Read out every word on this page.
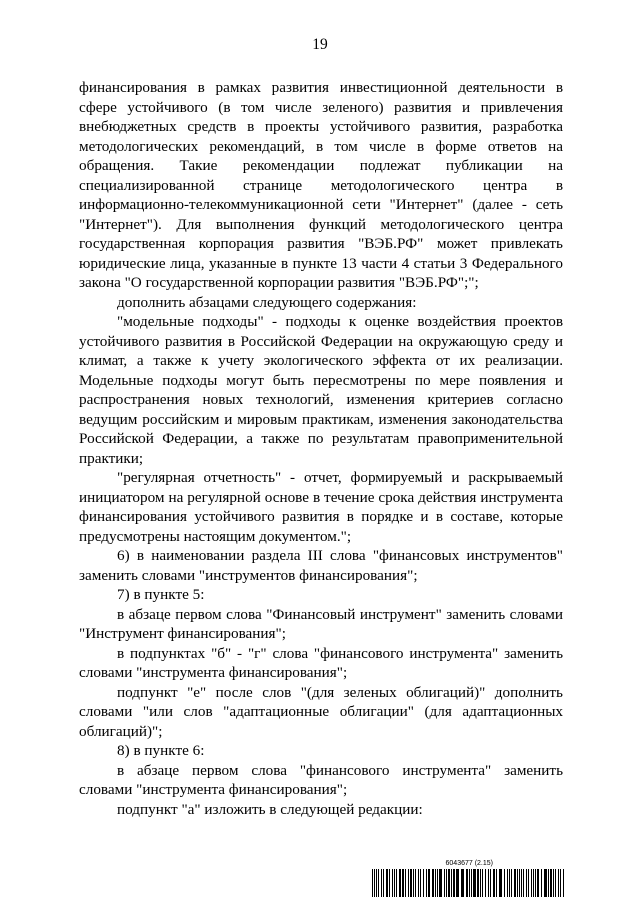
19

финансирования в рамках развития инвестиционной деятельности в сфере устойчивого (в том числе зеленого) развития и привлечения внебюджетных средств в проекты устойчивого развития, разработка методологических рекомендаций, в том числе в форме ответов на обращения. Такие рекомендации подлежат публикации на специализированной странице методологического центра в информационно-телекоммуникационной сети "Интернет" (далее - сеть "Интернет"). Для выполнения функций методологического центра государственная корпорация развития "ВЭБ.РФ" может привлекать юридические лица, указанные в пункте 13 части 4 статьи 3 Федерального закона "О государственной корпорации развития "ВЭБ.РФ";";

дополнить абзацами следующего содержания:

"модельные подходы" - подходы к оценке воздействия проектов устойчивого развития в Российской Федерации на окружающую среду и климат, а также к учету экологического эффекта от их реализации. Модельные подходы могут быть пересмотрены по мере появления и распространения новых технологий, изменения критериев согласно ведущим российским и мировым практикам, изменения законодательства Российской Федерации, а также по результатам правоприменительной практики;

"регулярная отчетность" - отчет, формируемый и раскрываемый инициатором на регулярной основе в течение срока действия инструмента финансирования устойчивого развития в порядке и в составе, которые предусмотрены настоящим документом.";

6) в наименовании раздела III слова "финансовых инструментов" заменить словами "инструментов финансирования";

7) в пункте 5:

в абзаце первом слова "Финансовый инструмент" заменить словами "Инструмент финансирования";

в подпунктах "б" - "г" слова "финансового инструмента" заменить словами "инструмента финансирования";

подпункт "е" после слов "(для зеленых облигаций)" дополнить словами "или слов "адаптационные облигации" (для адаптационных облигаций)";

8) в пункте 6:

в абзаце первом слова "финансового инструмента" заменить словами "инструмента финансирования";

подпункт "а" изложить в следующей редакции:

6043677 (2.15)
